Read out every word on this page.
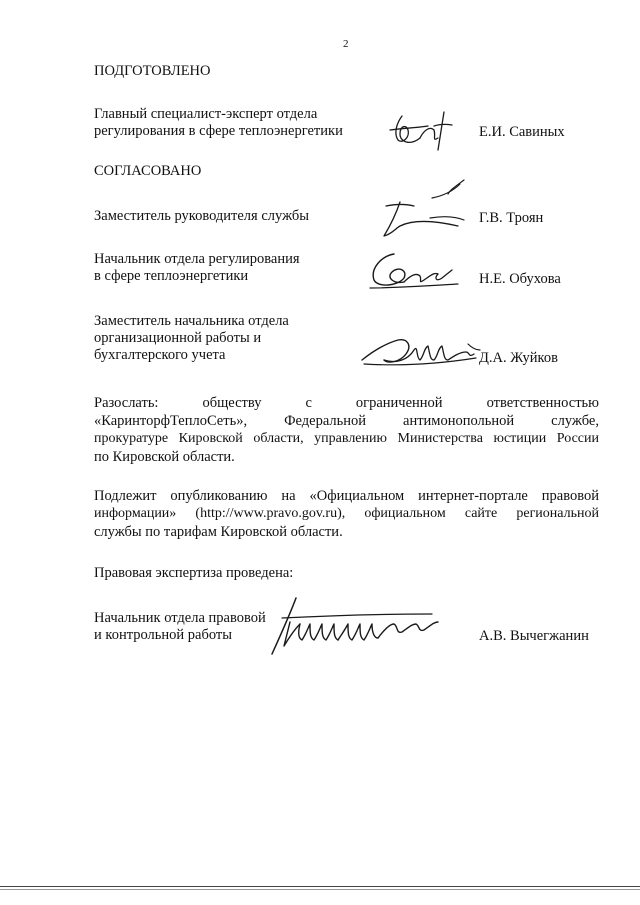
2
ПОДГОТОВЛЕНО
Главный специалист-эксперт отдела
регулирования в сфере теплоэнергетики	Е.И. Савиных
СОГЛАСОВАНО
Заместитель руководителя службы	Г.В. Троян
Начальник отдела регулирования
в сфере теплоэнергетики	Н.Е. Обухова
Заместитель начальника отдела
организационной работы и
бухгалтерского учета	Д.А. Жуйков
Разослать: обществу с ограниченной ответственностью
«КаринторфТеплоСеть», Федеральной антимонопольной службе,
прокуратуре Кировской области, управлению Министерства юстиции России
по Кировской области.
Подлежит опубликованию на «Официальном интернет-портале правовой
информации» (http://www.pravo.gov.ru), официальном сайте региональной
службы по тарифам Кировской области.
Правовая экспертиза проведена:
Начальник отдела правовой
и контрольной работы	А.В. Вычегжанин
